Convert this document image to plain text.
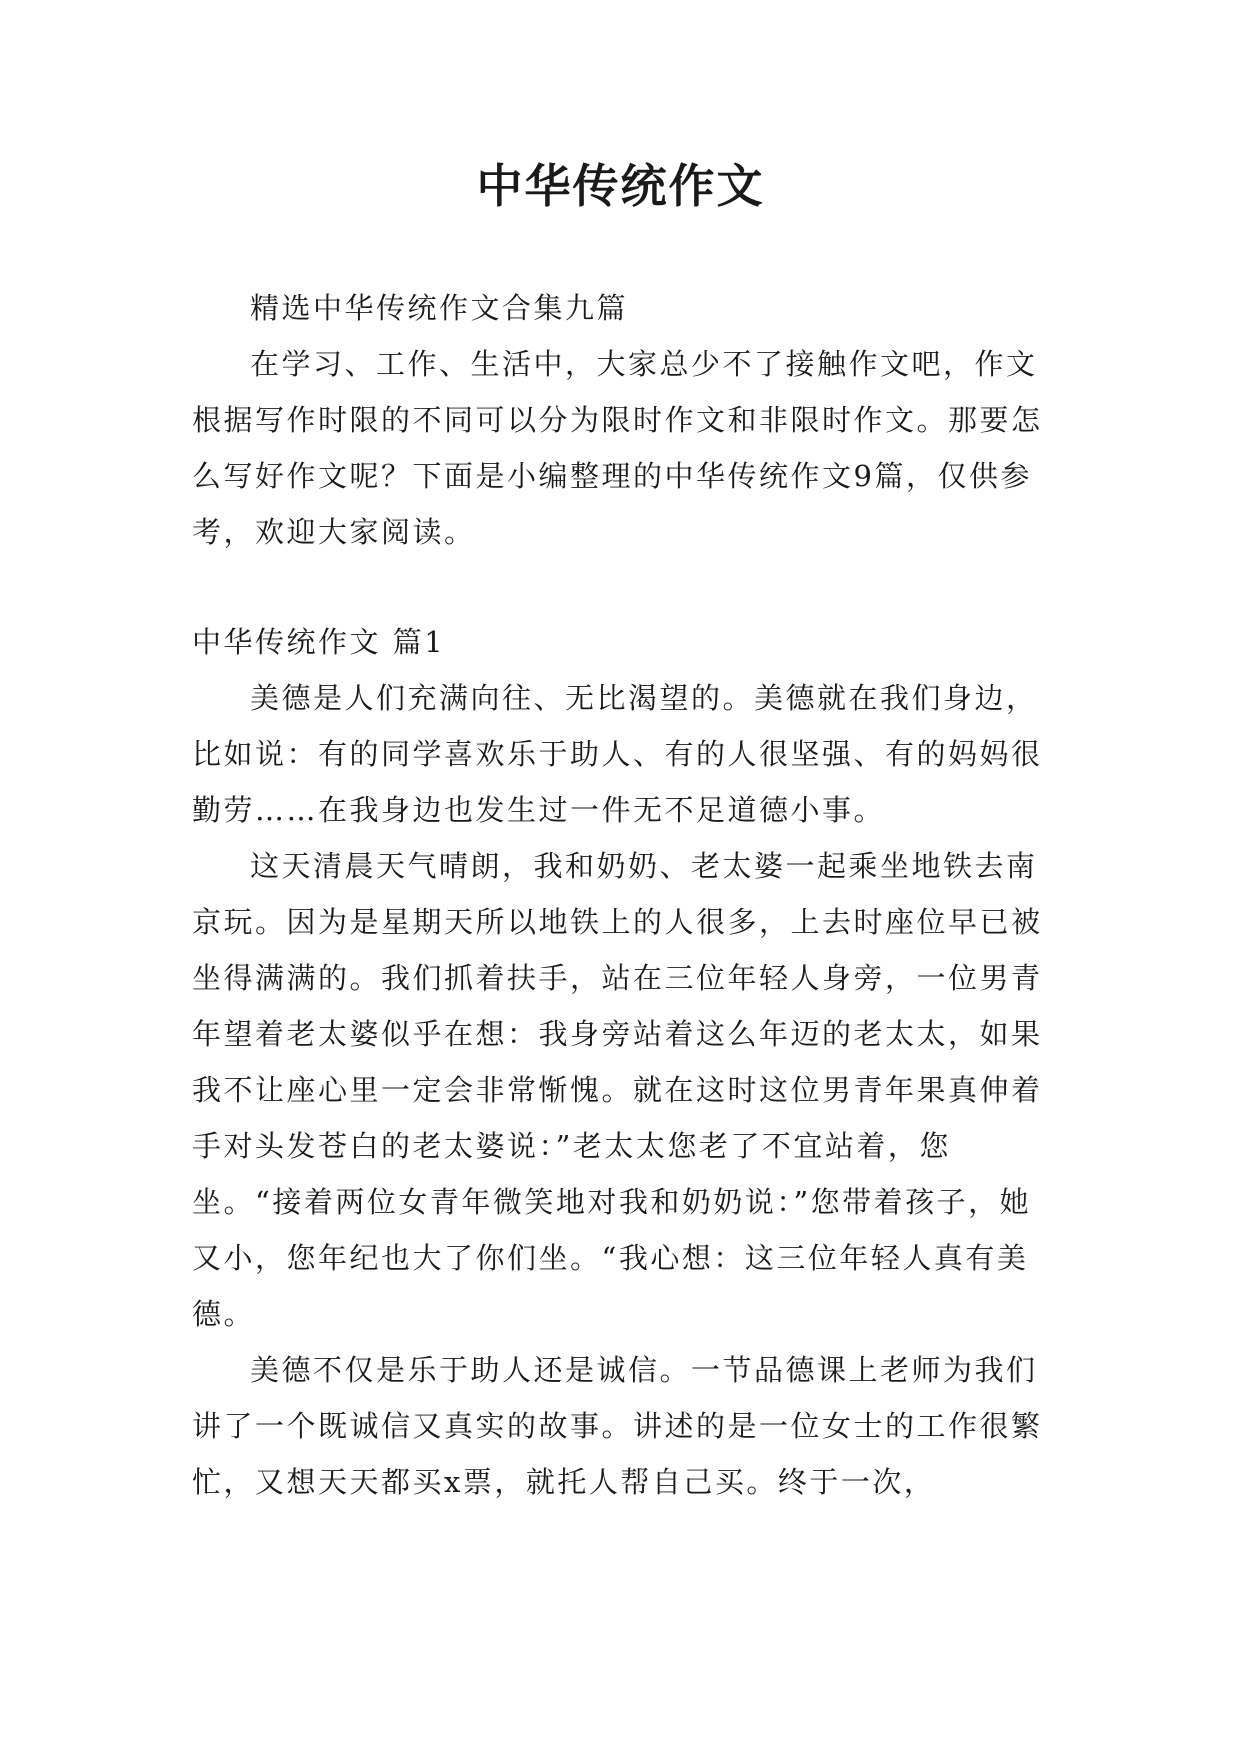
中华传统作文

精选中华传统作文合集九篇

在学习、工作、生活中，大家总少不了接触作文吧，作文根据写作时限的不同可以分为限时作文和非限时作文。那要怎么写好作文呢？下面是小编整理的中华传统作文9篇，仅供参考，欢迎大家阅读。

中华传统作文 篇1

美德是人们充满向往、无比渴望的。美德就在我们身边，比如说：有的同学喜欢乐于助人、有的人很坚强、有的妈妈很勤劳……在我身边也发生过一件无不足道德小事。

这天清晨天气晴朗，我和奶奶、老太婆一起乘坐地铁去南京玩。因为是星期天所以地铁上的人很多，上去时座位早已被坐得满满的。我们抓着扶手，站在三位年轻人身旁，一位男青年望着老太婆似乎在想：我身旁站着这么年迈的老太太，如果我不让座心里一定会非常惭愧。就在这时这位男青年果真伸着手对头发苍白的老太婆说：”老太太您老了不宜站着，您坐。“接着两位女青年微笑地对我和奶奶说：”您带着孩子，她又小，您年纪也大了你们坐。“我心想：这三位年轻人真有美德。

美德不仅是乐于助人还是诚信。一节品德课上老师为我们讲了一个既诚信又真实的故事。讲述的是一位女士的工作很繁忙，又想天天都买x票，就托人帮自己买。终于一次，
